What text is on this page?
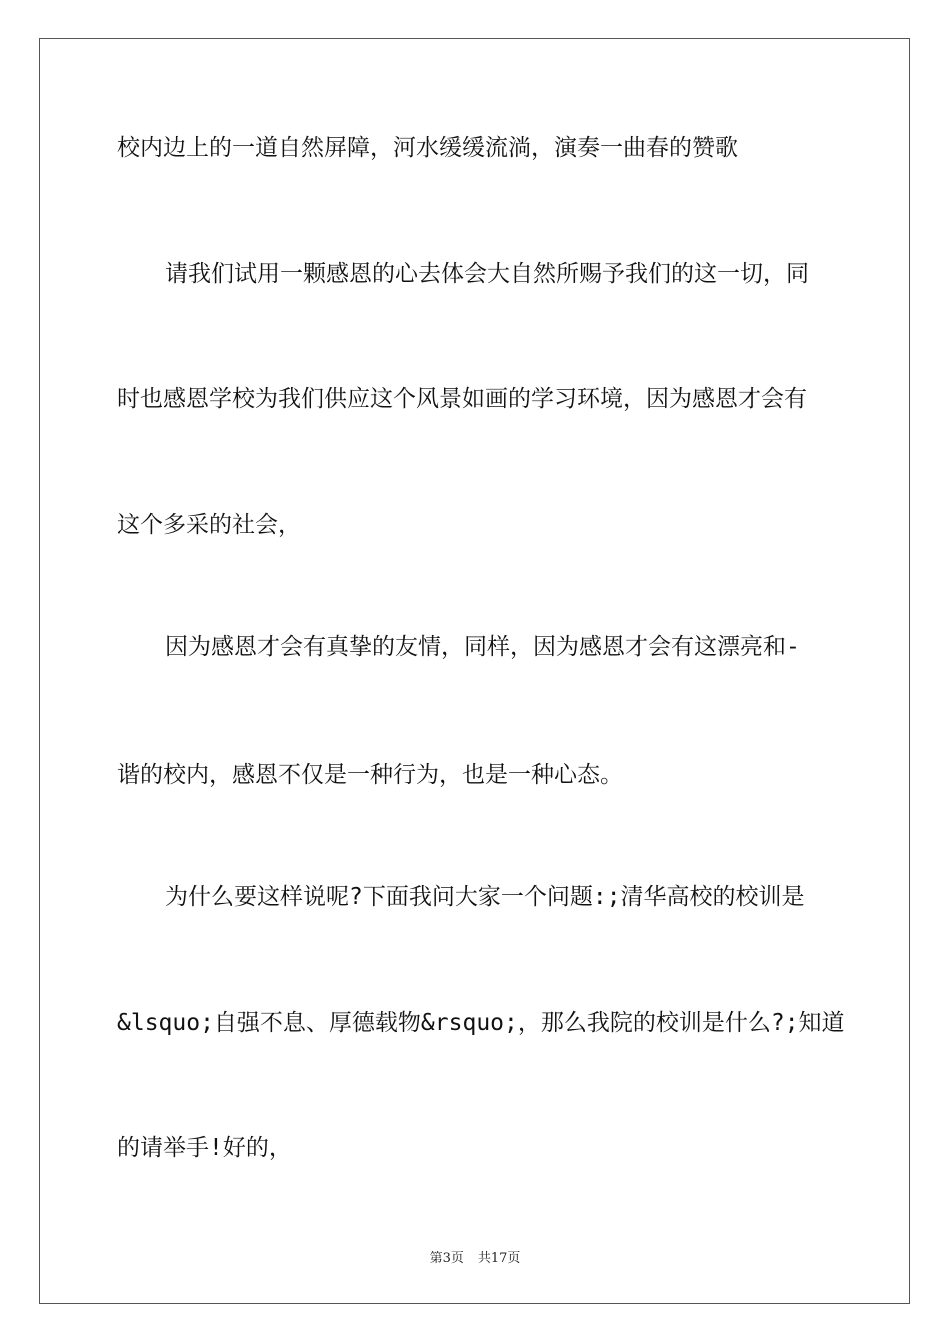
校内边上的一道自然屏障，河水缓缓流淌，演奏一曲春的赞歌
请我们试用一颗感恩的心去体会大自然所赐予我们的这一切，同
时也感恩学校为我们供应这个风景如画的学习环境，因为感恩才会有
这个多采的社会，
因为感恩才会有真挚的友情，同样，因为感恩才会有这漂亮和-
谐的校内，感恩不仅是一种行为，也是一种心态。
为什么要这样说呢?下面我问大家一个问题:;清华高校的校训是
&lsquo;自强不息、厚德载物&rsquo;，那么我院的校训是什么?;知道
的请举手!好的，
第3页 共17页
